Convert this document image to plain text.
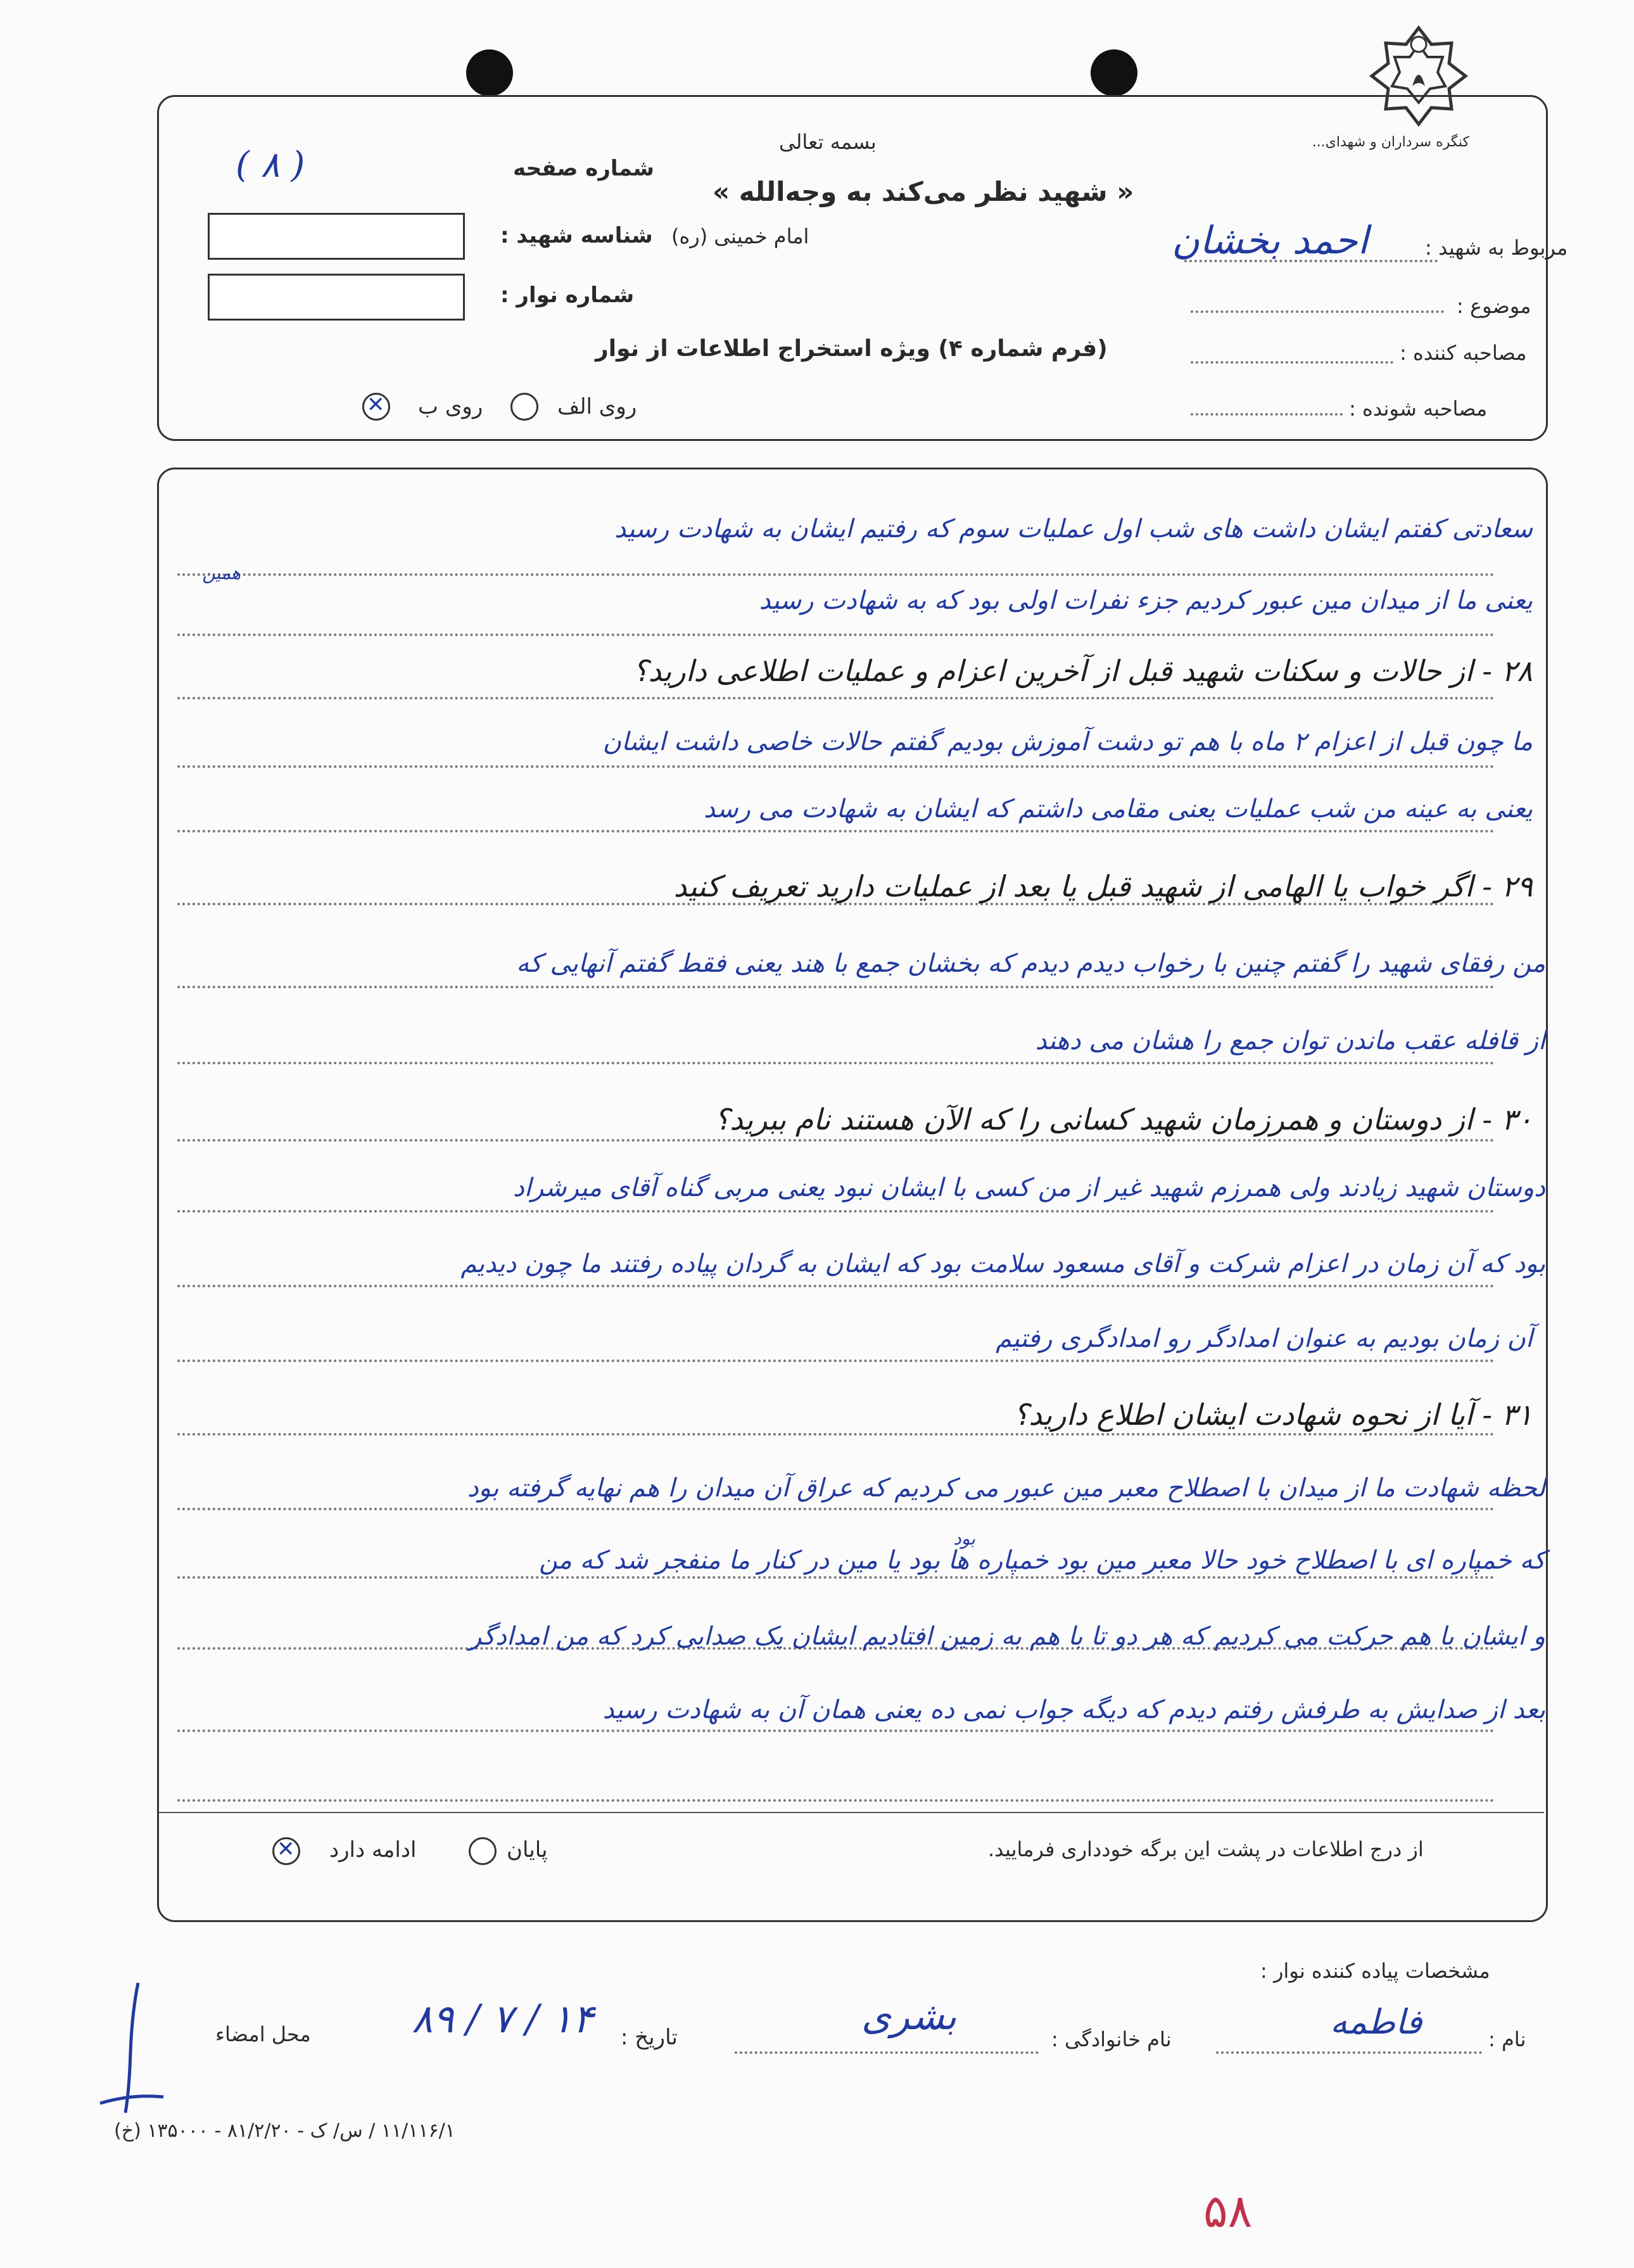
کنگره سرداران و شهدای...
بسمه تعالی
« شهید نظر می‌کند به وجه‌الله »
شماره صفحه
( ۸ )
شناسه شهید : امام خمینی (ره)
شماره نوار :
مربوط به شهید :
احمد بخشان
موضوع :
مصاحبه کننده :
(فرم شماره ۴) ویژه استخراج اطلاعات از نوار
مصاحبه شونده :
روی الف
روی ب
✕
سعادتی کفتم ایشان داشت های شب اول عملیات سوم که رفتیم ایشان به شهادت رسید
همین
یعنی ما از میدان مین عبور کردیم جزء نفرات اولی بود که به شهادت رسید
۲۸ - از حالات و سکنات شهید قبل از آخرین اعزام و عملیات اطلاعی دارید؟
ما چون قبل از اعزام ۲ ماه با هم تو دشت آموزش بودیم گفتم حالات خاصی داشت ایشان
یعنی به عینه من شب عملیات یعنی مقامی داشتم که ایشان به شهادت می رسد
۲۹ - اگر خواب یا الهامی از شهید قبل یا بعد از عملیات دارید تعریف کنید
من رفقای شهید را گفتم چنین با رخواب دیدم دیدم که بخشان جمع با هند یعنی فقط گفتم آنهایی که
از قافله عقب ماندن توان جمع را هشان می دهند
۳۰ - از دوستان و همرزمان شهید کسانی را که الآن هستند نام ببرید؟
دوستان شهید زیادند ولی همرزم شهید غیر از من کسی با ایشان نبود یعنی مربی گناه آقای میرشراد
بود که آن زمان در اعزام شرکت و آقای مسعود سلامت بود که ایشان به گردان پیاده رفتند ما چون دیدیم
آن زمان بودیم به عنوان امدادگر رو امدادگری رفتیم
۳۱ - آیا از نحوه شهادت ایشان اطلاع دارید؟
لحظه شهادت ما از میدان با اصطلاح معبر مین عبور می کردیم که عراق آن میدان را هم نهایه گرفته بود
بود
که خمپاره ای با اصطلاح خود حالا معبر مین بود خمپاره ها بود یا مین در کنار ما منفجر شد که من
و ایشان با هم حرکت می کردیم که هر دو تا با هم به زمین افتادیم ایشان یک صدایی کرد که من امدادگر
بعد از صدایش به طرفش رفتم دیدم که دیگه جواب نمی ده یعنی همان آن به شهادت رسید
از درج اطلاعات در پشت این برگه خودداری فرمایید.
پایان
ادامه دارد
✕
مشخصات پیاده کننده نوار :
نام :
فاطمه
نام خانوادگی :
بشری
تاریخ :
۸۹ / ۷ / ۱۴
محل امضاء
۱۱/۱۱۶/۱ / س/ ک - ۸۱/۲/۲۰ - ۱۳۵۰۰۰ (خ)
۵۸
